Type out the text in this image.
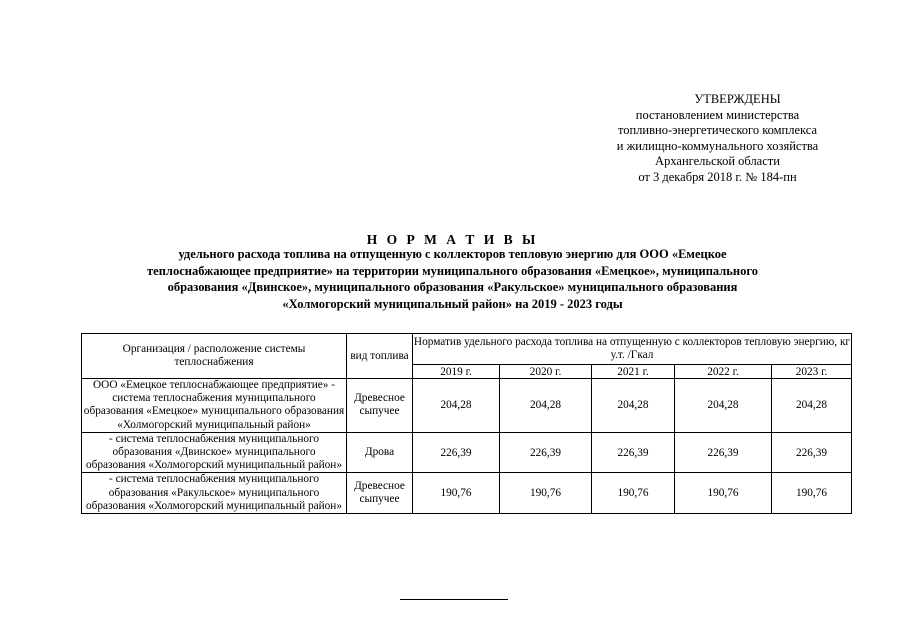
УТВЕРЖДЕНЫ
постановлением министерства
топливно-энергетического комплекса
и жилищно-коммунального хозяйства
Архангельской области
от 3 декабря 2018 г. № 184-пн
Н О Р М А Т И В Ы
удельного расхода топлива на отпущенную с коллекторов тепловую энергию для ООО «Емецкое
теплоснабжающее предприятие» на территории муниципального образования «Емецкое», муниципального
образования «Двинское», муниципального образования «Ракульское» муниципального образования
«Холмогорский муниципальный район» на 2019 - 2023 годы
Организация / расположение системы теплоснабжения	вид топлива	Норматив удельного расхода топлива на отпущенную с коллекторов тепловую энергию, кг у.т. /Гкал				
		2019 г.	2020 г.	2021 г.	2022 г.	2023 г.
ООО «Емецкое теплоснабжающее предприятие» - система теплоснабжения муниципального образования «Емецкое» муниципального образования «Холмогорский муниципальный район»	Древесное сыпучее	204,28	204,28	204,28	204,28	204,28
- система теплоснабжения муниципального образования «Двинское» муниципального образования «Холмогорский муниципальный район»	Дрова	226,39	226,39	226,39	226,39	226,39
- система теплоснабжения муниципального образования «Ракульское» муниципального образования «Холмогорский муниципальный район»	Древесное сыпучее	190,76	190,76	190,76	190,76	190,76
